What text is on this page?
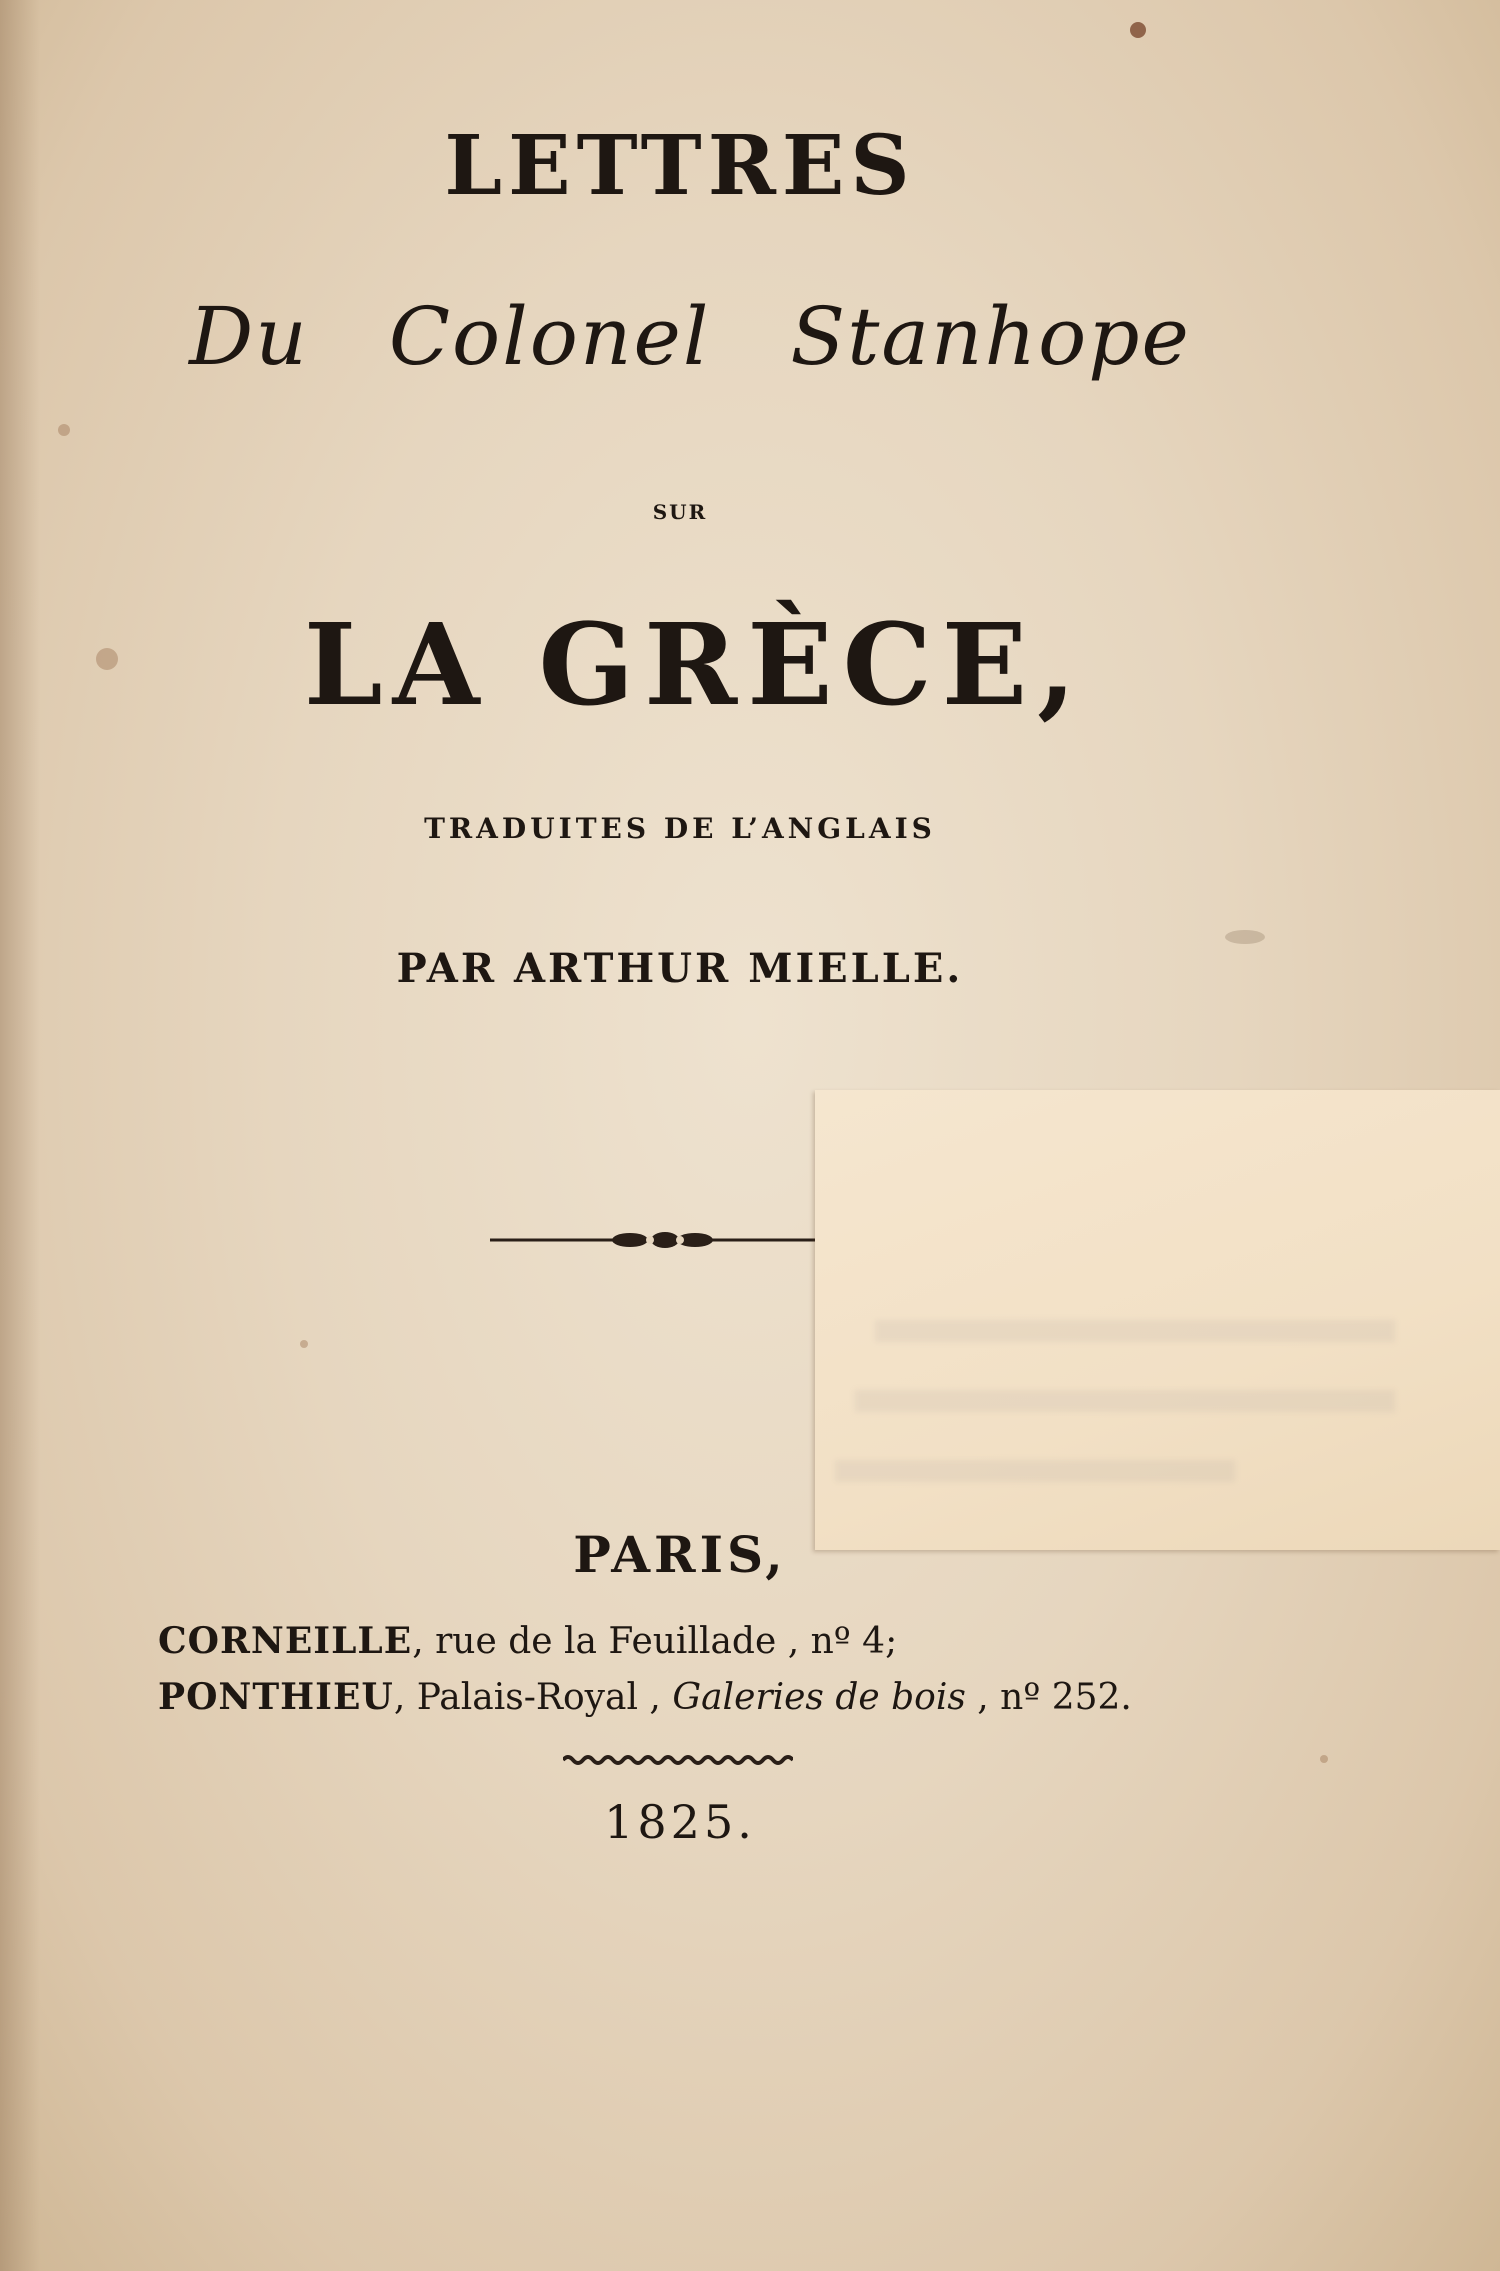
LETTRES
Du Colonel Stanhope
SUR
LA GRÈCE,
TRADUITES DE L’ANGLAIS
PAR ARTHUR MIELLE.
PARIS,
CORNEILLE, rue de la Feuillade , nº 4;
PONTHIEU, Palais-Royal , Galeries de bois , nº 252.
1825.
